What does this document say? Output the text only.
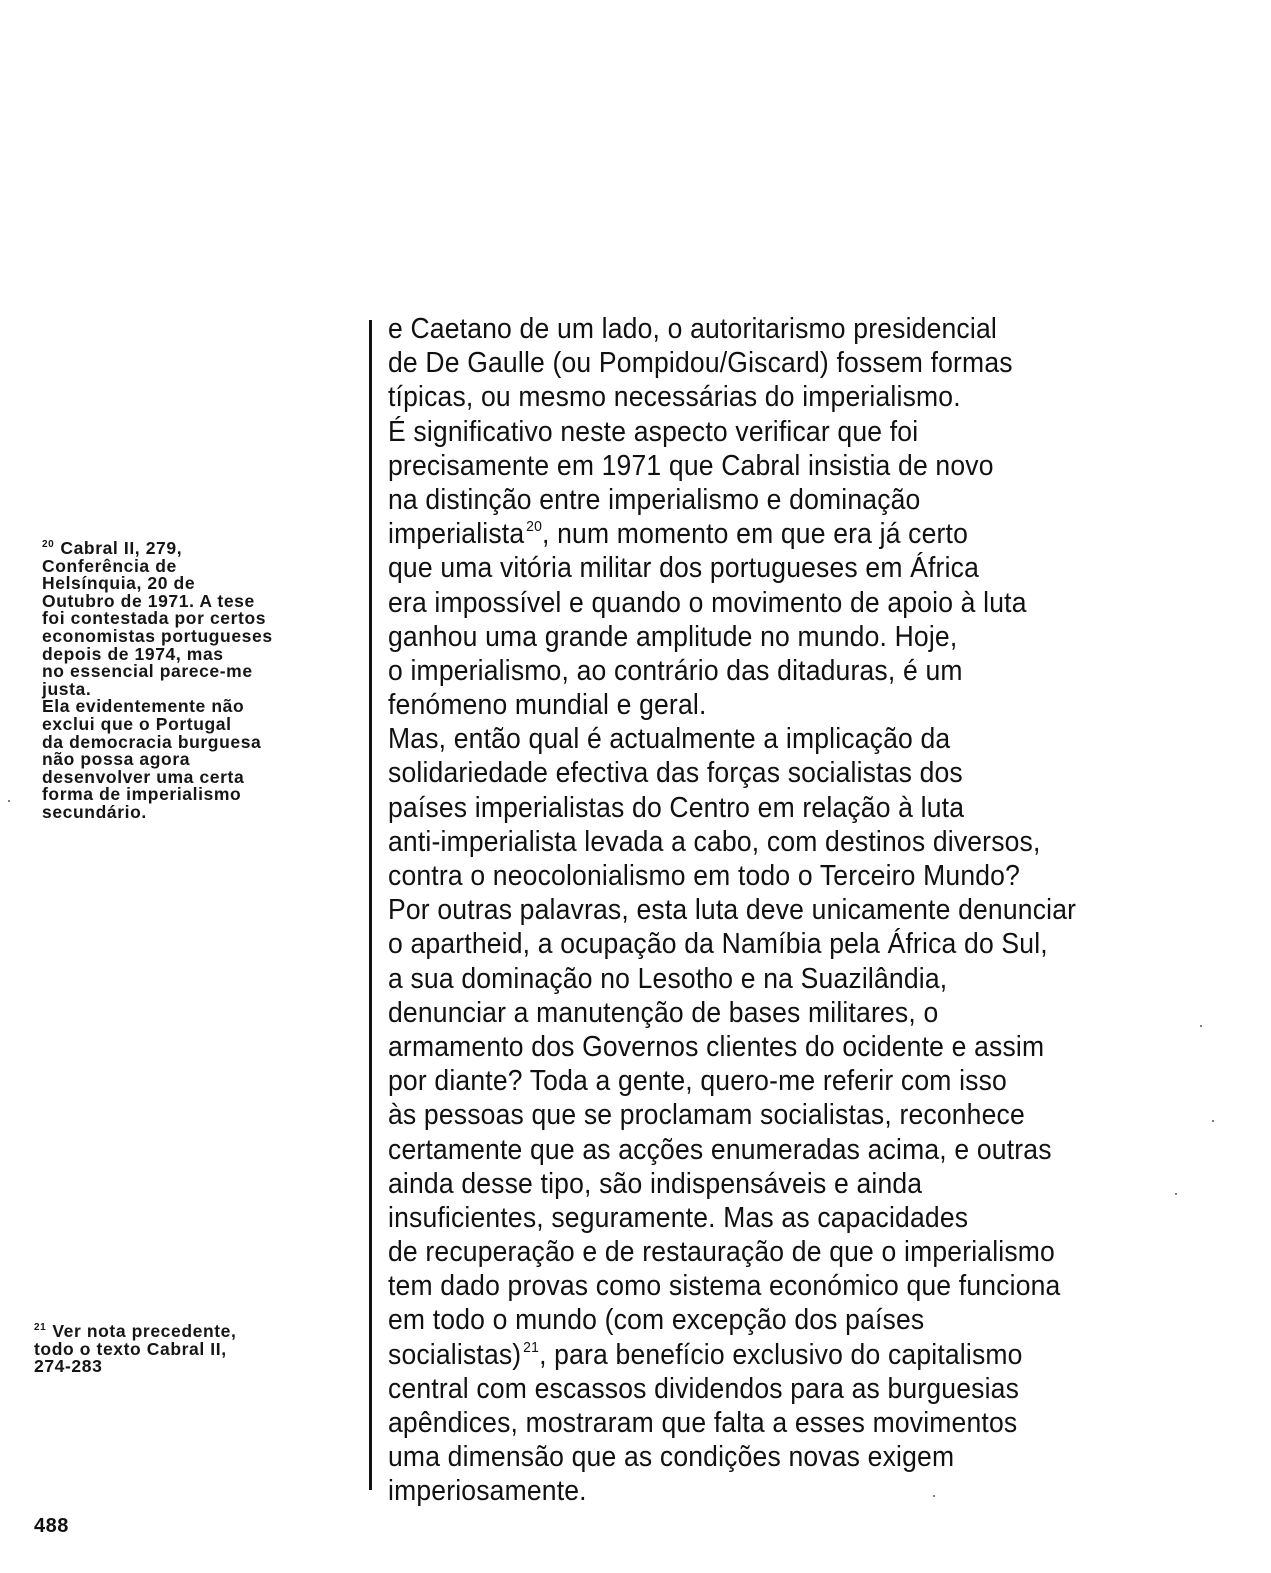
e Caetano de um lado, o autoritarismo presidencial
de De Gaulle (ou Pompidou/Giscard) fossem formas
típicas, ou mesmo necessárias do imperialismo.
É significativo neste aspecto verificar que foi
precisamente em 1971 que Cabral insistia de novo
na distinção entre imperialismo e dominação
imperialista $^{20}$, num momento em que era já certo
que uma vitória militar dos portugueses em África
era impossível e quando o movimento de apoio à luta
ganhou uma grande amplitude no mundo. Hoje,
o imperialismo, ao contrário das ditaduras, é um
fenómeno mundial e geral.
Mas, então qual é actualmente a implicação da
solidariedade efectiva das forças socialistas dos
países imperialistas do Centro em relação à luta
anti-imperialista levada a cabo, com destinos diversos,
contra o neocolonialismo em todo o Terceiro Mundo?
Por outras palavras, esta luta deve unicamente denunciar
o apartheid, a ocupação da Namíbia pela África do Sul,
a sua dominação no Lesotho e na Suazilândia,
denunciar a manutenção de bases militares, o
armamento dos Governos clientes do ocidente e assim
por diante? Toda a gente, quero-me referir com isso
às pessoas que se proclamam socialistas, reconhece
certamente que as acções enumeradas acima, e outras
ainda desse tipo, são indispensáveis e ainda
insuficientes, seguramente. Mas as capacidades
de recuperação e de restauração de que o imperialismo
tem dado provas como sistema económico que funciona
em todo o mundo (com excepção dos países
socialistas) $^{21}$, para benefício exclusivo do capitalismo
central com escassos dividendos para as burguesias
apêndices, mostraram que falta a esses movimentos
uma dimensão que as condições novas exigem
imperiosamente.
$^{20}$ Cabral II, 279,
Conferência de
Helsínquia, 20 de
Outubro de 1971. A tese
foi contestada por certos
economistas portugueses
depois de 1974, mas
no essencial parece-me
justa.
Ela evidentemente não
exclui que o Portugal
da democracia burguesa
não possa agora
desenvolver uma certa
forma de imperialismo
secundário.
$^{21}$ Ver nota precedente,
todo o texto Cabral II,
274-283
488
